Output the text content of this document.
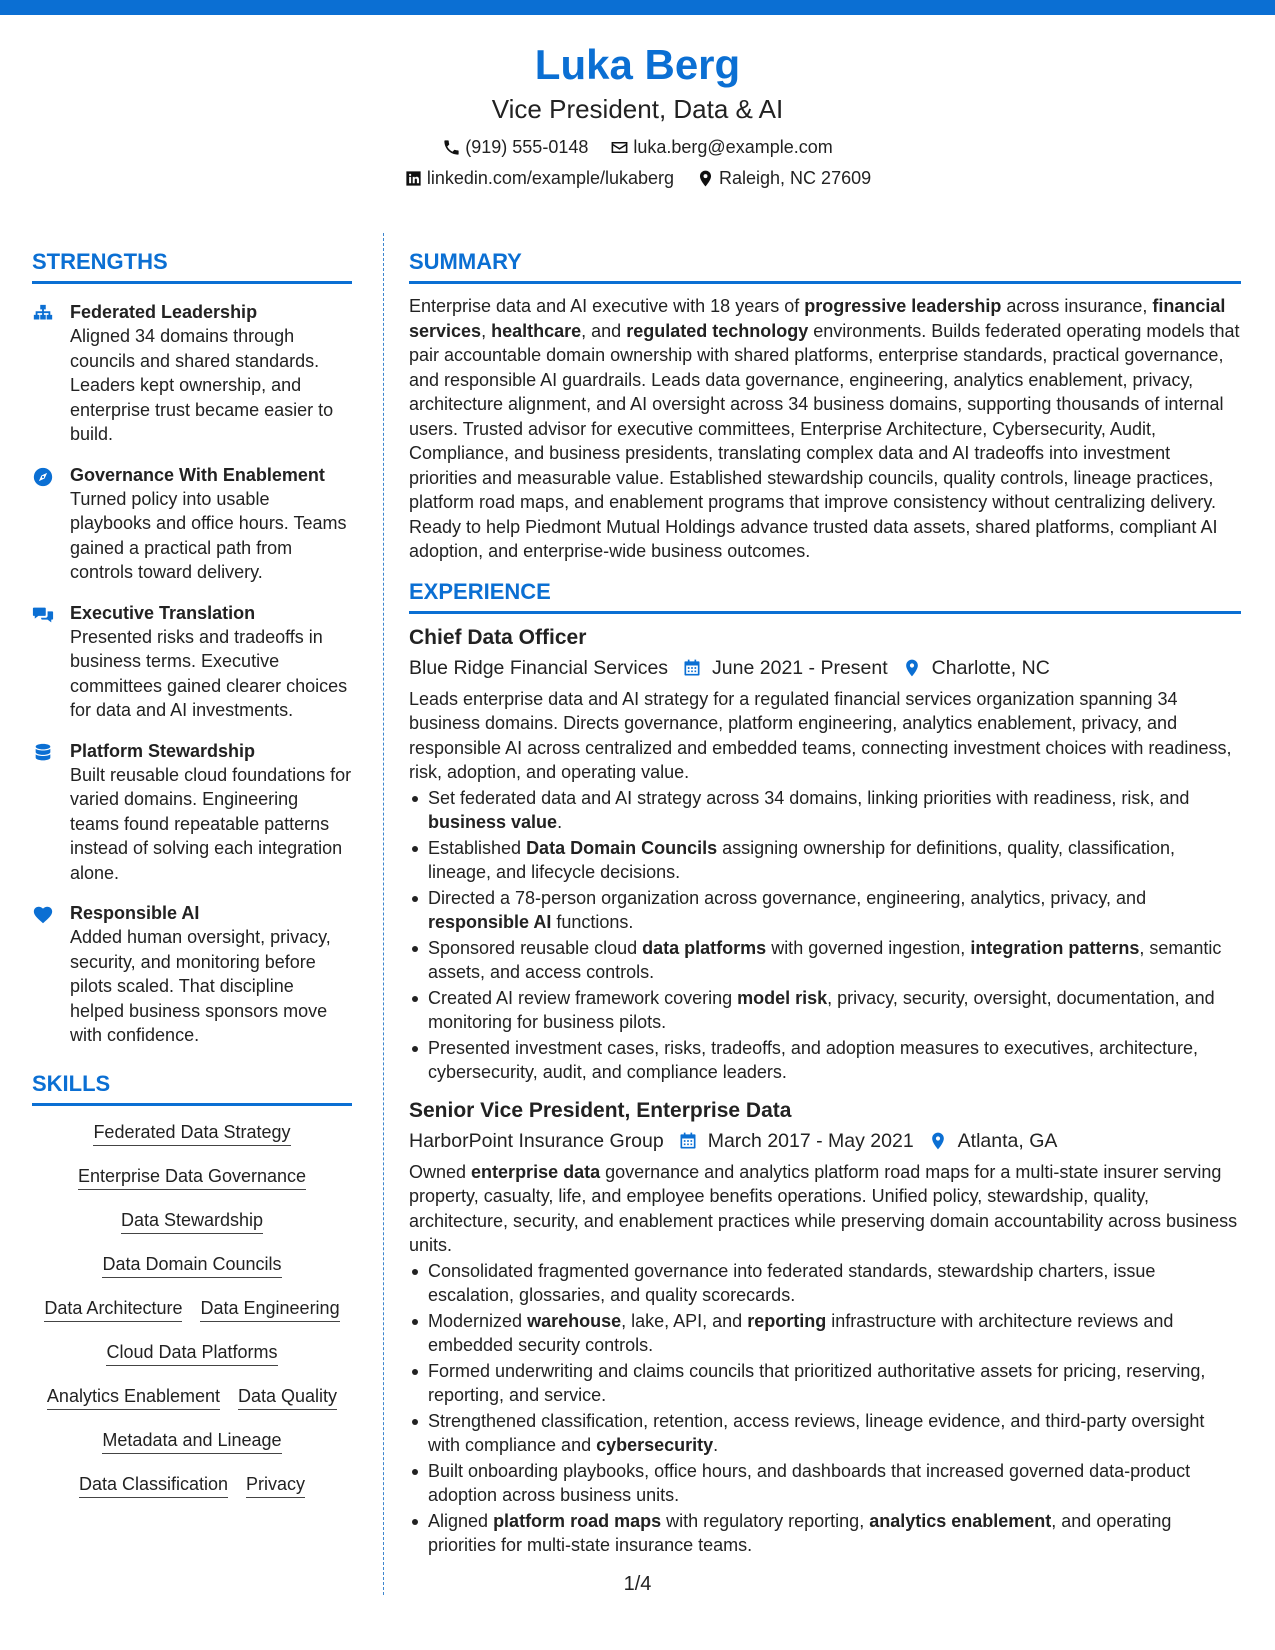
Luka Berg
Vice President, Data & AI
(919) 555-0148	luka.berg@example.com
linkedin.com/example/lukaberg	Raleigh, NC 27609
STRENGTHS
Federated Leadership
Aligned 34 domains through councils and shared standards. Leaders kept ownership, and enterprise trust became easier to build.
Governance With Enablement
Turned policy into usable playbooks and office hours. Teams gained a practical path from controls toward delivery.
Executive Translation
Presented risks and tradeoffs in business terms. Executive committees gained clearer choices for data and AI investments.
Platform Stewardship
Built reusable cloud foundations for varied domains. Engineering teams found repeatable patterns instead of solving each integration alone.
Responsible AI
Added human oversight, privacy, security, and monitoring before pilots scaled. That discipline helped business sponsors move with confidence.
SKILLS
Federated Data Strategy
Enterprise Data Governance
Data Stewardship
Data Domain Councils
Data Architecture Data Engineering
Cloud Data Platforms
Analytics Enablement Data Quality
Metadata and Lineage
Data Classification Privacy
SUMMARY
Enterprise data and AI executive with 18 years of progressive leadership across insurance, financial services, healthcare, and regulated technology environments. Builds federated operating models that pair accountable domain ownership with shared platforms, enterprise standards, practical governance, and responsible AI guardrails. Leads data governance, engineering, analytics enablement, privacy, architecture alignment, and AI oversight across 34 business domains, supporting thousands of internal users. Trusted advisor for executive committees, Enterprise Architecture, Cybersecurity, Audit, Compliance, and business presidents, translating complex data and AI tradeoffs into investment priorities and measurable value. Established stewardship councils, quality controls, lineage practices, platform road maps, and enablement programs that improve consistency without centralizing delivery. Ready to help Piedmont Mutual Holdings advance trusted data assets, shared platforms, compliant AI adoption, and enterprise-wide business outcomes.
EXPERIENCE
Chief Data Officer
Blue Ridge Financial Services June 2021 - Present Charlotte, NC
Leads enterprise data and AI strategy for a regulated financial services organization spanning 34 business domains. Directs governance, platform engineering, analytics enablement, privacy, and responsible AI across centralized and embedded teams, connecting investment choices with readiness, risk, adoption, and operating value.
Set federated data and AI strategy across 34 domains, linking priorities with readiness, risk, and business value.
Established Data Domain Councils assigning ownership for definitions, quality, classification, lineage, and lifecycle decisions.
Directed a 78-person organization across governance, engineering, analytics, privacy, and responsible AI functions.
Sponsored reusable cloud data platforms with governed ingestion, integration patterns, semantic assets, and access controls.
Created AI review framework covering model risk, privacy, security, oversight, documentation, and monitoring for business pilots.
Presented investment cases, risks, tradeoffs, and adoption measures to executives, architecture, cybersecurity, audit, and compliance leaders.
Senior Vice President, Enterprise Data
HarborPoint Insurance Group March 2017 - May 2021 Atlanta, GA
Owned enterprise data governance and analytics platform road maps for a multi-state insurer serving property, casualty, life, and employee benefits operations. Unified policy, stewardship, quality, architecture, security, and enablement practices while preserving domain accountability across business units.
Consolidated fragmented governance into federated standards, stewardship charters, issue escalation, glossaries, and quality scorecards.
Modernized warehouse, lake, API, and reporting infrastructure with architecture reviews and embedded security controls.
Formed underwriting and claims councils that prioritized authoritative assets for pricing, reserving, reporting, and service.
Strengthened classification, retention, access reviews, lineage evidence, and third-party oversight with compliance and cybersecurity.
Built onboarding playbooks, office hours, and dashboards that increased governed data-product adoption across business units.
Aligned platform road maps with regulatory reporting, analytics enablement, and operating priorities for multi-state insurance teams.
1/4
